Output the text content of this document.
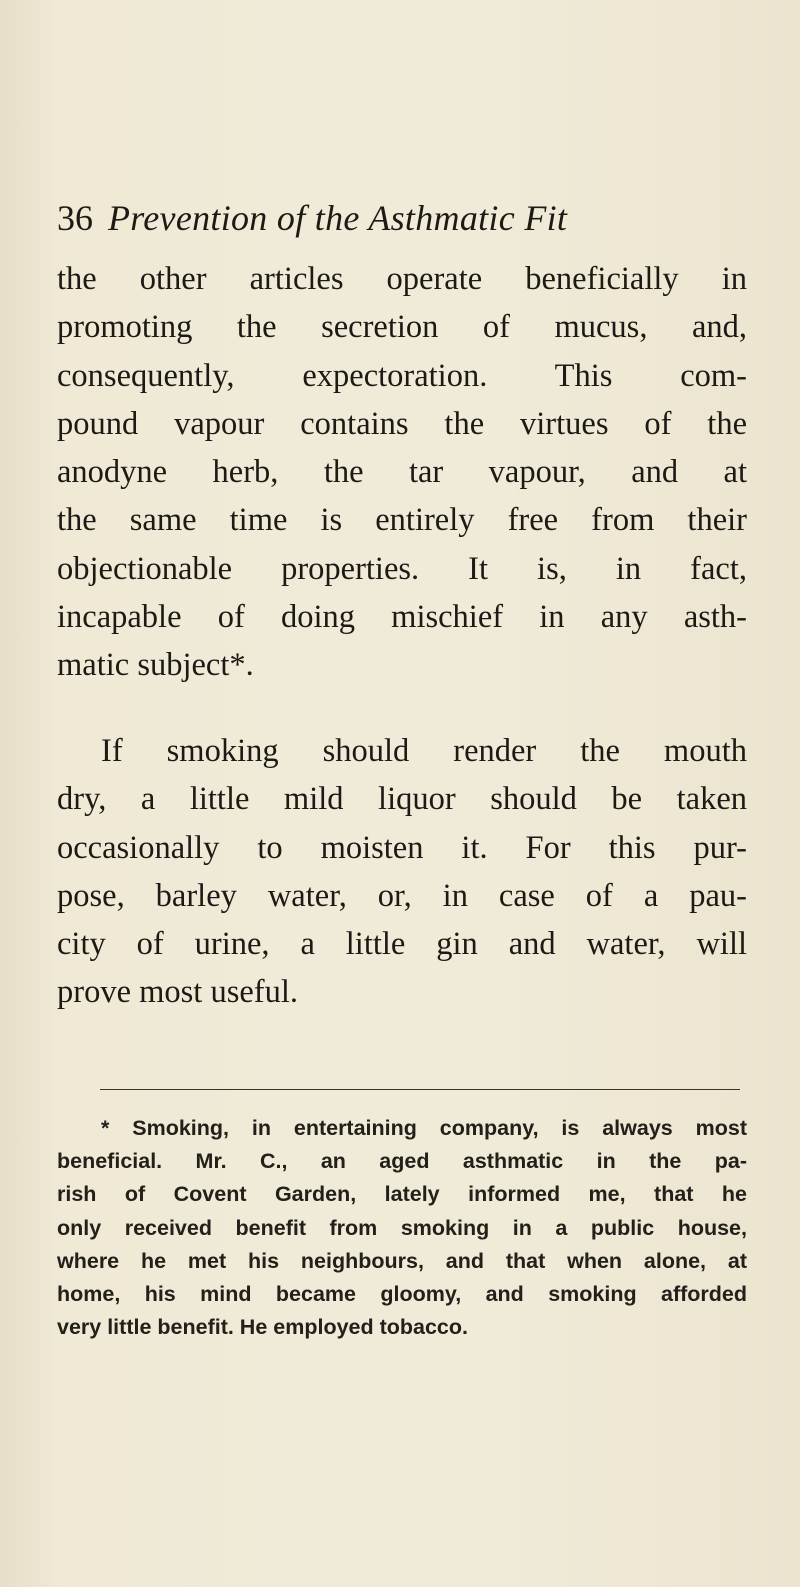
36 Prevention of the Asthmatic Fit

the other articles operate beneficially in
promoting the secretion of mucus, and,
consequently, expectoration. This com-
pound vapour contains the virtues of the
anodyne herb, the tar vapour, and at
the same time is entirely free from their
objectionable properties. It is, in fact,
incapable of doing mischief in any asth-
matic subject*.

If smoking should render the mouth
dry, a little mild liquor should be taken
occasionally to moisten it. For this pur-
pose, barley water, or, in case of a pau-
city of urine, a little gin and water, will
prove most useful.

* Smoking, in entertaining company, is always most
beneficial. Mr. C., an aged asthmatic in the pa-
rish of Covent Garden, lately informed me, that he
only received benefit from smoking in a public house,
where he met his neighbours, and that when alone, at
home, his mind became gloomy, and smoking afforded
very little benefit. He employed tobacco.
